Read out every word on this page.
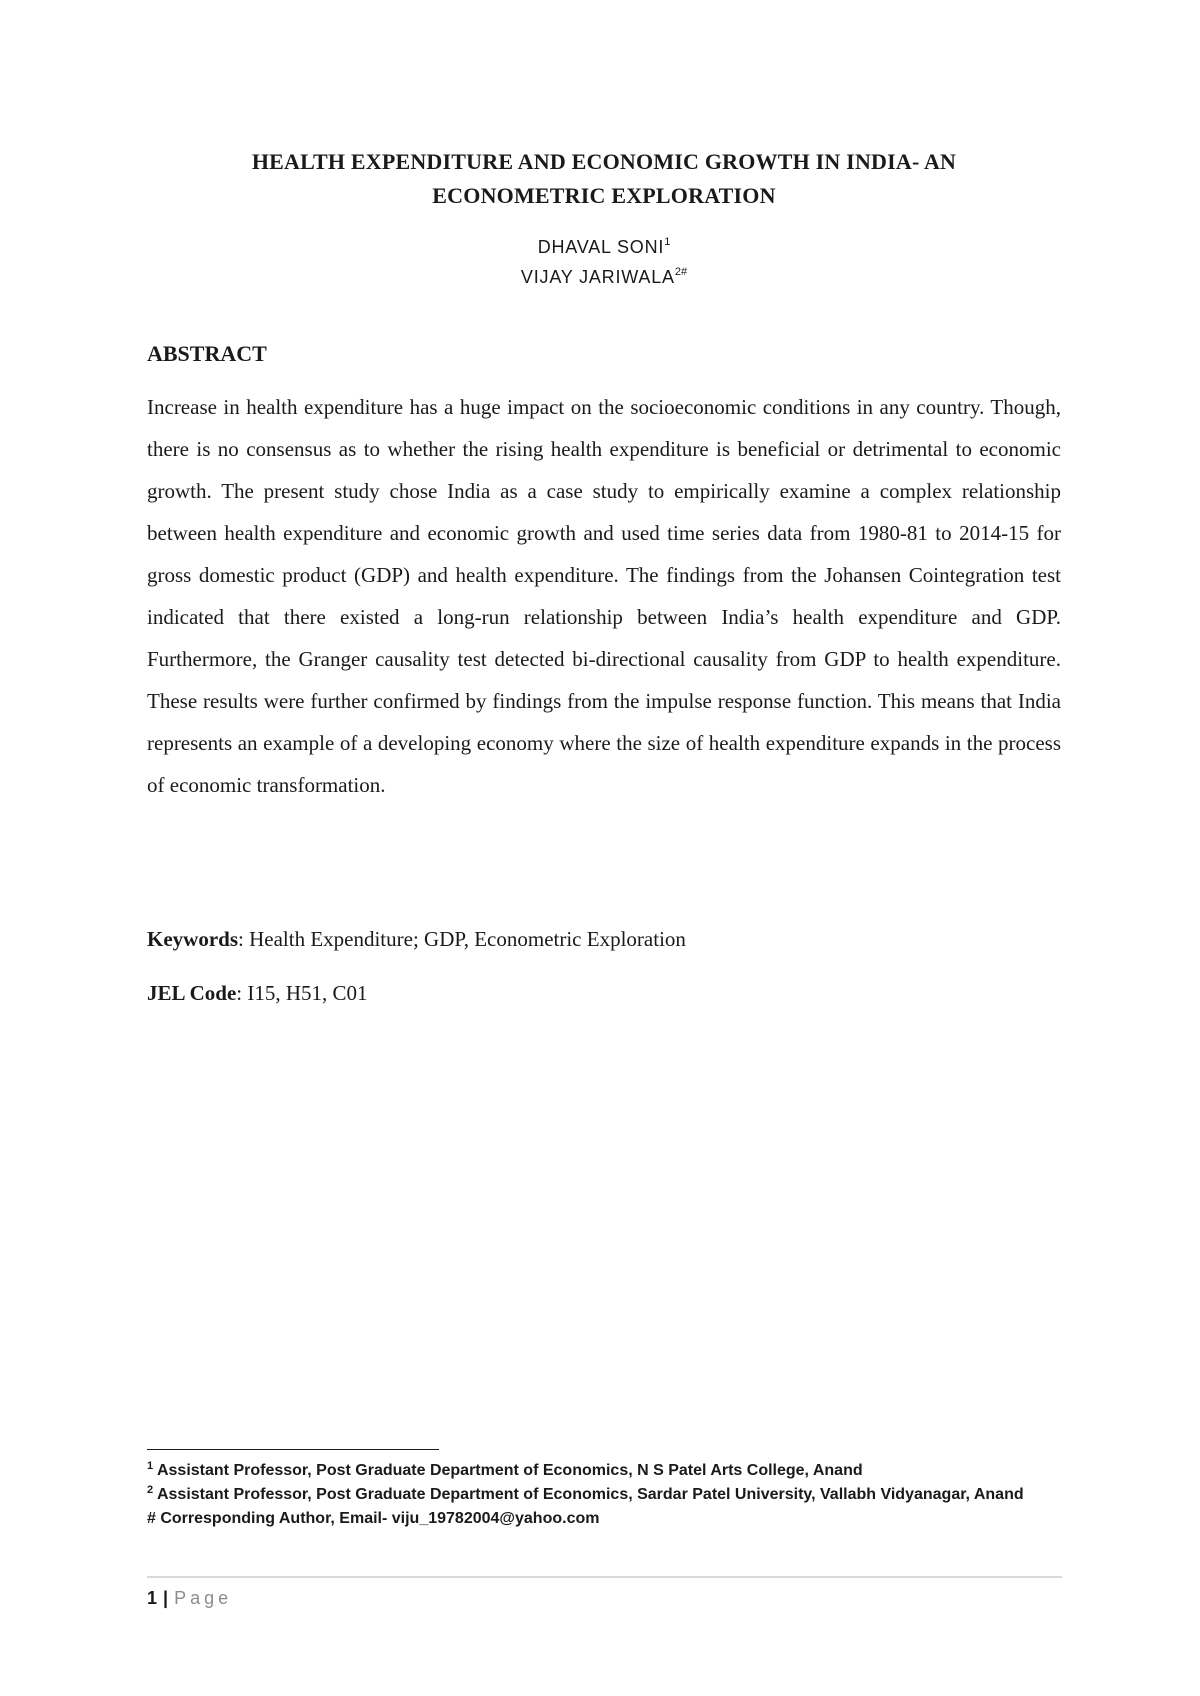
HEALTH EXPENDITURE AND ECONOMIC GROWTH IN INDIA- AN
ECONOMETRIC EXPLORATION
DHAVAL SONI$^1$
VIJAY $JARIWALA^{2\#}$
ABSTRACT
Increase in health expenditure has a huge impact on the socioeconomic conditions in any country. Though, there is no consensus as to whether the rising health expenditure is beneficial or detrimental to economic growth. The present study chose India as a case study to empirically examine a complex relationship between health expenditure and economic growth and used time series data from 1980-81 to 2014-15 for gross domestic product (GDP) and health expenditure. The findings from the Johansen Cointegration test indicated that there existed a long-run relationship between India’s health expenditure and GDP. Furthermore, the Granger causality test detected bi-directional causality from GDP to health expenditure. These results were further confirmed by findings from the impulse response function. This means that India represents an example of a developing economy where the size of health expenditure expands in the process of economic transformation.
Keywords: Health Expenditure; GDP, Econometric Exploration
JEL Code: I15, H51, C01
$^1$ Assistant Professor, Post Graduate Department of Economics, N S Patel Arts College, Anand
$^2$ Assistant Professor, Post Graduate Department of Economics, Sardar Patel University, Vallabh Vidyanagar, Anand
# Corresponding Author, Email- viju_19782004@yahoo.com
1 | Page
